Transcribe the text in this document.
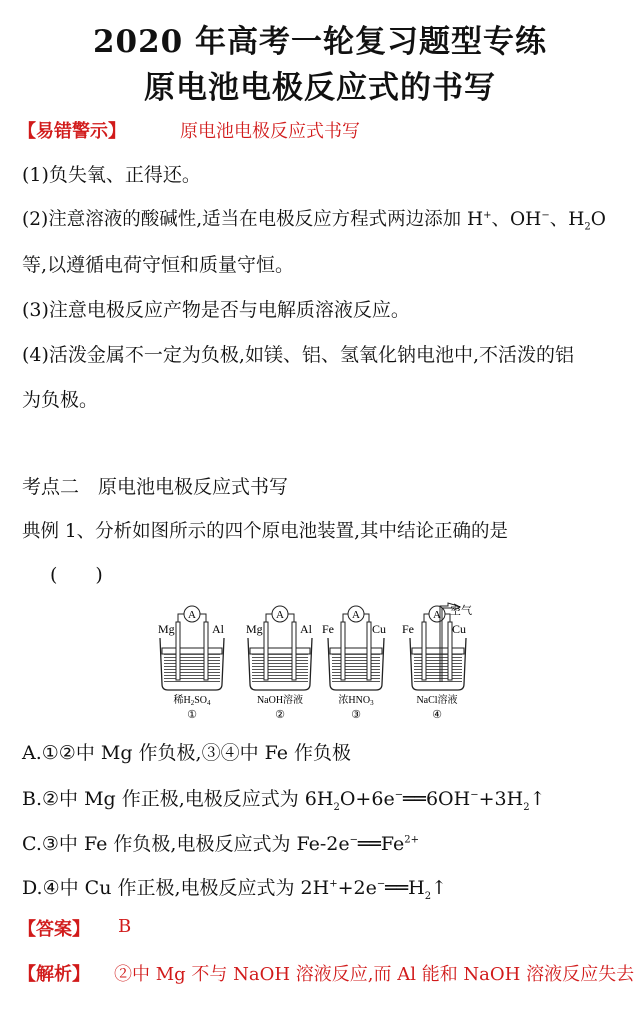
2020 年高考一轮复习题型专练
原电池电极反应式的书写
【易错警示】	原电池电极反应式书写
(1)负失氧、正得还。
(2)注意溶液的酸碱性,适当在电极反应方程式两边添加 H+、OH−、$H_2O$
等,以遵循电荷守恒和质量守恒。
(3)注意电极反应产物是否与电解质溶液反应。
(4)活泼金属不一定为负极,如镁、铝、氢氧化钠电池中,不活泼的铝
为负极。
考点二　原电池电极反应式书写
典例 1、分析如图所示的四个原电池装置,其中结论正确的是
(　　)
A
Mg	Al
稀$H_2SO_4$
①
A
Mg	Al
NaOH溶液
②
A
Fe	Cu
浓$HNO_3$
③
A 空气
Fe	Cu
NaCl溶液
④
A.①②中 Mg 作负极,③④中 Fe 作负极
B.②中 Mg 作正极,电极反应式为 $6H_2O+6e^-══6OH^-+3H_2↑$
C.③中 Fe 作负极,电极反应式为 $Fe-2e^-══Fe^{2+}$
D.④中 Cu 作正极,电极反应式为 $2H^++2e^-══H_2↑$
【答案】 B
【解析】 ②中 Mg 不与 NaOH 溶液反应,而 Al 能和 NaOH 溶液反应失去
